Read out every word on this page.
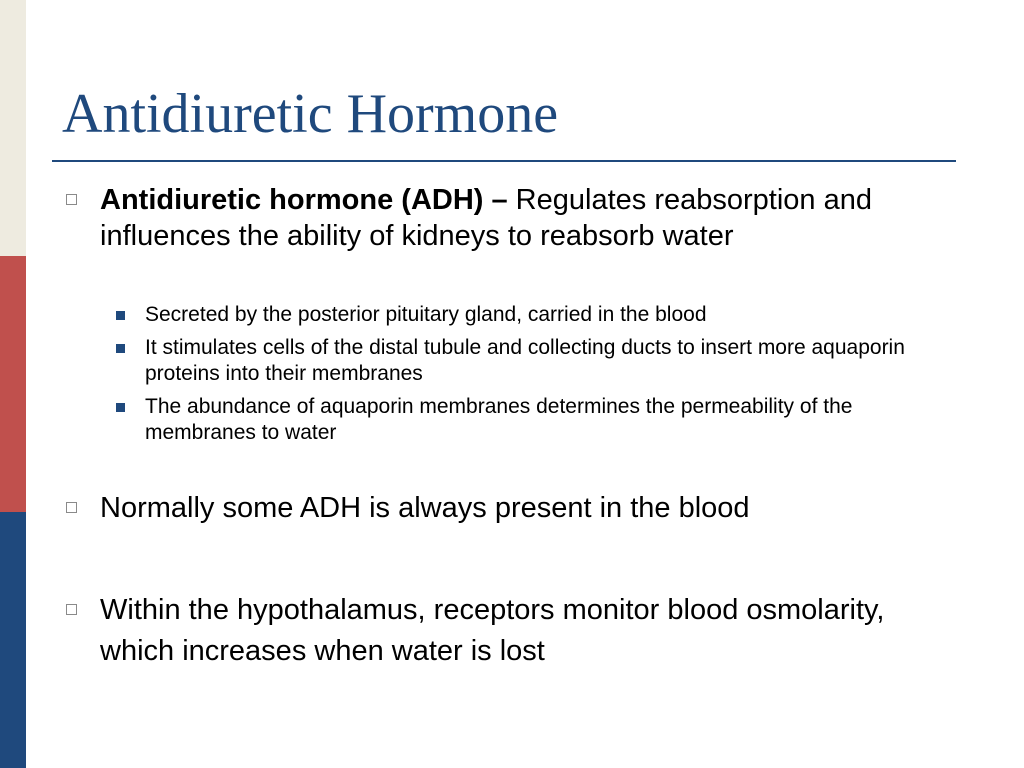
Antidiuretic Hormone
Antidiuretic hormone (ADH) – Regulates reabsorption and influences the ability of kidneys to reabsorb water
Secreted by the posterior pituitary gland, carried in the blood
It stimulates cells of the distal tubule and collecting ducts to insert more aquaporin proteins into their membranes
The abundance of aquaporin membranes determines the permeability of the membranes to water
Normally some ADH is always present in the blood
Within the hypothalamus, receptors monitor blood osmolarity, which increases when water is lost
